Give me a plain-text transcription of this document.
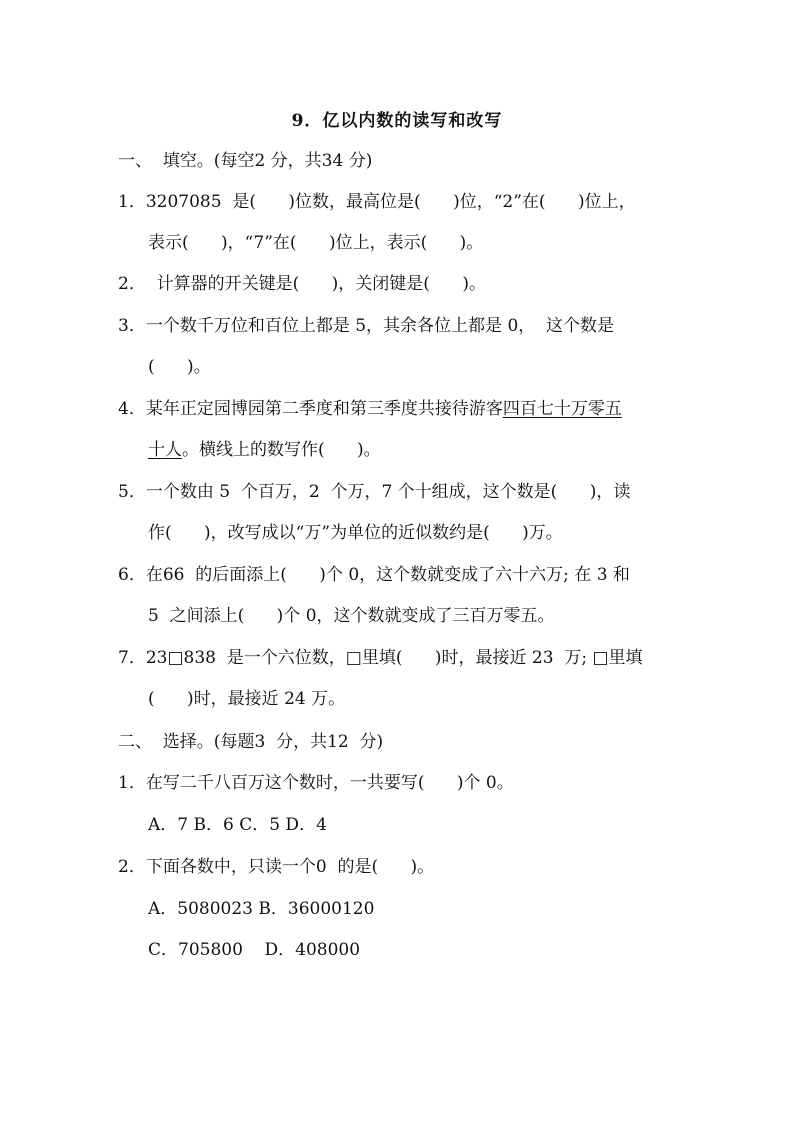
9．亿以内数的读写和改写
一、  填空。(每空2 分，共34 分)
1．3207085  是(      )位数，最高位是(      )位，“2”在(      )位上，
表示(      )，“7”在(      )位上，表示(      )。
2．  计算器的开关键是(      )，关闭键是(      )。
3．一个数千万位和百位上都是 5，其余各位上都是 0，  这个数是
(      )。
4．某年正定园博园第二季度和第三季度共接待游客四百七十万零五
十人。横线上的数写作(      )。
5．一个数由 5  个百万，2  个万，7 个十组成，这个数是(      )，读
作(      )，改写成以“万”为单位的近似数约是(      )万。
6．在66  的后面添上(      )个 0，这个数就变成了六十六万; 在 3 和
5  之间添上(      )个 0，这个数就变成了三百万零五。
7．23□838  是一个六位数，□里填(      )时，最接近 23  万; □里填
(      )时，最接近 24 万。
二、  选择。(每题3  分，共12  分)
1．在写二千八百万这个数时，一共要写(      )个 0。
A．7 B．6 C．5 D．4
2．下面各数中，只读一个0  的是(      )。
A．5080023 B．36000120
C．705800    D．408000
